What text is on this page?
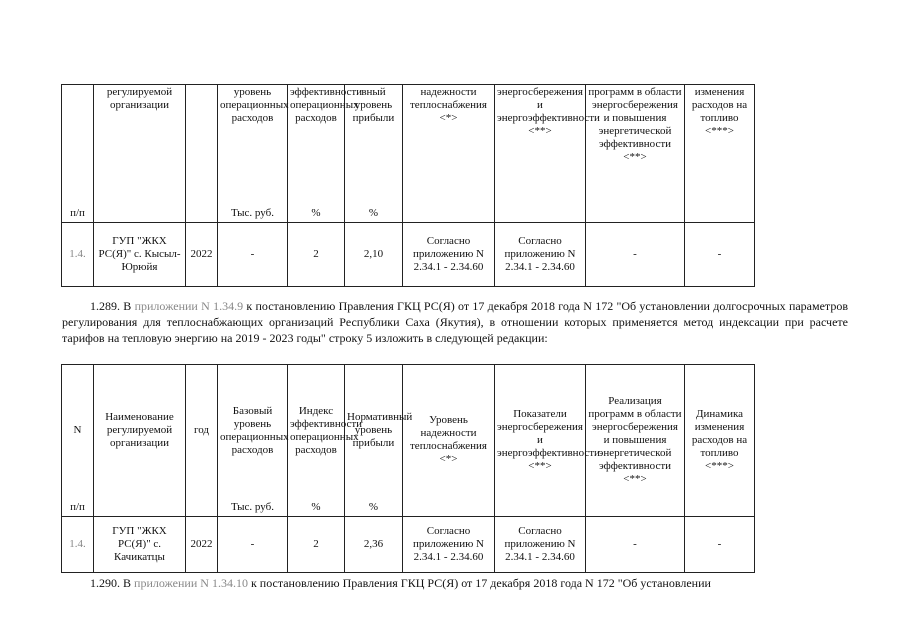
	регулируемой организации		уровень операционных расходов	эффективности операционных расходов	вный уровень прибыли	надежности теплоснабжения <*>	энергосбережения и энергоэффективности <**>	программ в области энергосбережения и повышения энергетической эффективности <**>	изменения расходов на топливо <***>
п/п			Тыс. руб.	%	%				
1.4.	ГУП "ЖКХ РС(Я)" с. Кысыл-Юрюйя	2022	-	2	2,10	Согласно приложению N 2.34.1 - 2.34.60	Согласно приложению N 2.34.1 - 2.34.60	-	-
1.289. В приложении N 1.34.9 к постановлению Правления ГКЦ РС(Я) от 17 декабря 2018 года N 172 "Об установлении долгосрочных параметров регулирования для теплоснабжающих организаций Республики Саха (Якутия), в отношении которых применяется метод индексации при расчете тарифов на тепловую энергию на 2019 - 2023 годы" строку 5 изложить в следующей редакции:
N	Наименование регулируемой организации	год	Базовый уровень операционных расходов	Индекс эффективности операционных расходов	Нормативный уровень прибыли	Уровень надежности теплоснабжения <*>	Показатели энергосбережения и энергоэффективности <**>	Реализация программ в области энергосбережения и повышения энергетической эффективности <**>	Динамика изменения расходов на топливо <***>
п/п			Тыс. руб.	%	%				
1.4.	ГУП "ЖКХ РС(Я)" с. Качикатцы	2022	-	2	2,36	Согласно приложению N 2.34.1 - 2.34.60	Согласно приложению N 2.34.1 - 2.34.60	-	-
1.290. В приложении N 1.34.10 к постановлению Правления ГКЦ РС(Я) от 17 декабря 2018 года N 172 "Об установлении
